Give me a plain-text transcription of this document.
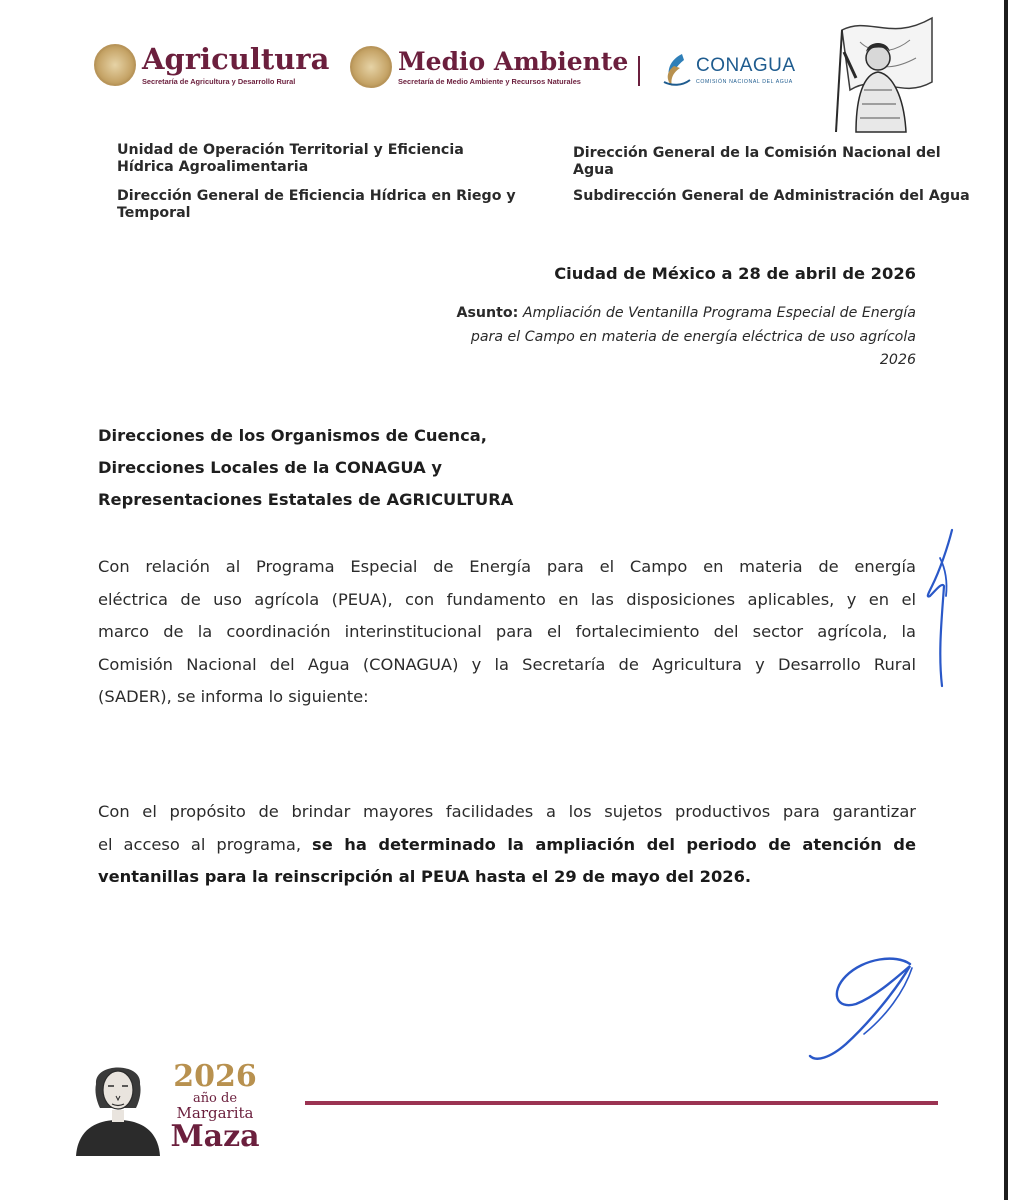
Agricultura
Secretaría de Agricultura y Desarrollo Rural
Medio Ambiente
Secretaría de Medio Ambiente y Recursos Naturales
CONAGUA
COMISIÓN NACIONAL DEL AGUA

Unidad de Operación Territorial y Eficiencia Hídrica Agroalimentaria

Dirección General de Eficiencia Hídrica en Riego y Temporal

Dirección General de la Comisión Nacional del Agua

Subdirección General de Administración del Agua

Ciudad de México a 28 de abril de 2026
Asunto: Ampliación de Ventanilla Programa Especial de Energía para el Campo en materia de energía eléctrica de uso agrícola 2026
Direcciones de los Organismos de Cuenca,
Direcciones Locales de la CONAGUA y
Representaciones Estatales de AGRICULTURA
Con relación al Programa Especial de Energía para el Campo en materia de energía
eléctrica de uso agrícola (PEUA), con fundamento en las disposiciones aplicables, y en el
marco de la coordinación interinstitucional para el fortalecimiento del sector agrícola, la
Comisión Nacional del Agua (CONAGUA) y la Secretaría de Agricultura y Desarrollo Rural
(SADER), se informa lo siguiente:
Con el propósito de brindar mayores facilidades a los sujetos productivos para garantizar
el acceso al programa, se ha determinado la ampliación del periodo de atención de
ventanillas para la reinscripción al PEUA hasta el 29 de mayo del 2026.
2026
año de
Margarita
Maza
